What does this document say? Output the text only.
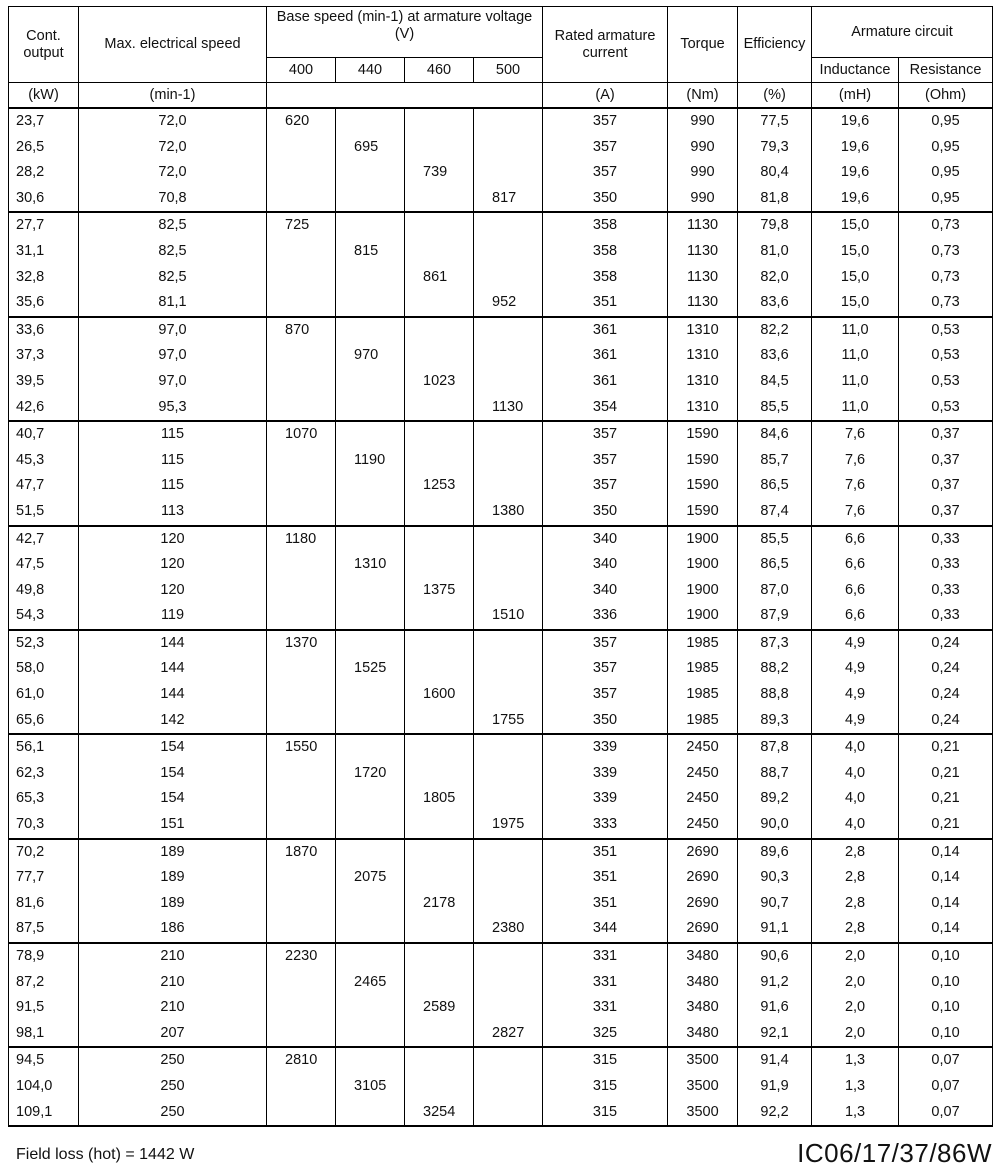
Cont. output	Max. electrical speed	Base speed (min-1) at armature voltage (V)				Rated armature current	Torque	Efficiency	Armature circuit	
		400	440	460	500				Inductance	Resistance
(kW)	(min-1)					(A)	(Nm)	(%)	(mH)	(Ohm)
23,7	72,0	620				357	990	77,5	19,6	0,95
26,5	72,0		695			357	990	79,3	19,6	0,95
28,2	72,0			739		357	990	80,4	19,6	0,95
30,6	70,8				817	350	990	81,8	19,6	0,95
27,7	82,5	725				358	1130	79,8	15,0	0,73
31,1	82,5		815			358	1130	81,0	15,0	0,73
32,8	82,5			861		358	1130	82,0	15,0	0,73
35,6	81,1				952	351	1130	83,6	15,0	0,73
33,6	97,0	870				361	1310	82,2	11,0	0,53
37,3	97,0		970			361	1310	83,6	11,0	0,53
39,5	97,0			1023		361	1310	84,5	11,0	0,53
42,6	95,3				1130	354	1310	85,5	11,0	0,53
40,7	115	1070				357	1590	84,6	7,6	0,37
45,3	115		1190			357	1590	85,7	7,6	0,37
47,7	115			1253		357	1590	86,5	7,6	0,37
51,5	113				1380	350	1590	87,4	7,6	0,37
42,7	120	1180				340	1900	85,5	6,6	0,33
47,5	120		1310			340	1900	86,5	6,6	0,33
49,8	120			1375		340	1900	87,0	6,6	0,33
54,3	119				1510	336	1900	87,9	6,6	0,33
52,3	144	1370				357	1985	87,3	4,9	0,24
58,0	144		1525			357	1985	88,2	4,9	0,24
61,0	144			1600		357	1985	88,8	4,9	0,24
65,6	142				1755	350	1985	89,3	4,9	0,24
56,1	154	1550				339	2450	87,8	4,0	0,21
62,3	154		1720			339	2450	88,7	4,0	0,21
65,3	154			1805		339	2450	89,2	4,0	0,21
70,3	151				1975	333	2450	90,0	4,0	0,21
70,2	189	1870				351	2690	89,6	2,8	0,14
77,7	189		2075			351	2690	90,3	2,8	0,14
81,6	189			2178		351	2690	90,7	2,8	0,14
87,5	186				2380	344	2690	91,1	2,8	0,14
78,9	210	2230				331	3480	90,6	2,0	0,10
87,2	210		2465			331	3480	91,2	2,0	0,10
91,5	210			2589		331	3480	91,6	2,0	0,10
98,1	207				2827	325	3480	92,1	2,0	0,10
94,5	250	2810				315	3500	91,4	1,3	0,07
104,0	250		3105			315	3500	91,9	1,3	0,07
109,1	250			3254		315	3500	92,2	1,3	0,07
Field loss (hot) = 1442 W	IC06/17/37/86W
